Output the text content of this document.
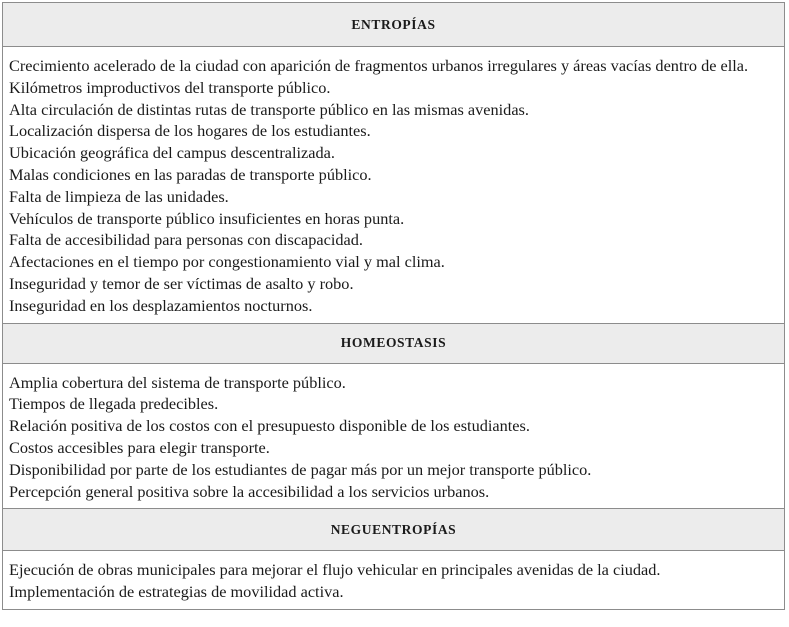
ENTROPÍAS

Crecimiento acelerado de la ciudad con aparición de fragmentos urbanos irregulares y áreas vacías dentro de ella.
Kilómetros improductivos del transporte público.
Alta circulación de distintas rutas de transporte público en las mismas avenidas.
Localización dispersa de los hogares de los estudiantes.
Ubicación geográfica del campus descentralizada.
Malas condiciones en las paradas de transporte público.
Falta de limpieza de las unidades.
Vehículos de transporte público insuficientes en horas punta.
Falta de accesibilidad para personas con discapacidad.
Afectaciones en el tiempo por congestionamiento vial y mal clima.
Inseguridad y temor de ser víctimas de asalto y robo.
Inseguridad en los desplazamientos nocturnos.

HOMEOSTASIS

Amplia cobertura del sistema de transporte público.
Tiempos de llegada predecibles.
Relación positiva de los costos con el presupuesto disponible de los estudiantes.
Costos accesibles para elegir transporte.
Disponibilidad por parte de los estudiantes de pagar más por un mejor transporte público.
Percepción general positiva sobre la accesibilidad a los servicios urbanos.

NEGUENTROPÍAS

Ejecución de obras municipales para mejorar el flujo vehicular en principales avenidas de la ciudad.
Implementación de estrategias de movilidad activa.
